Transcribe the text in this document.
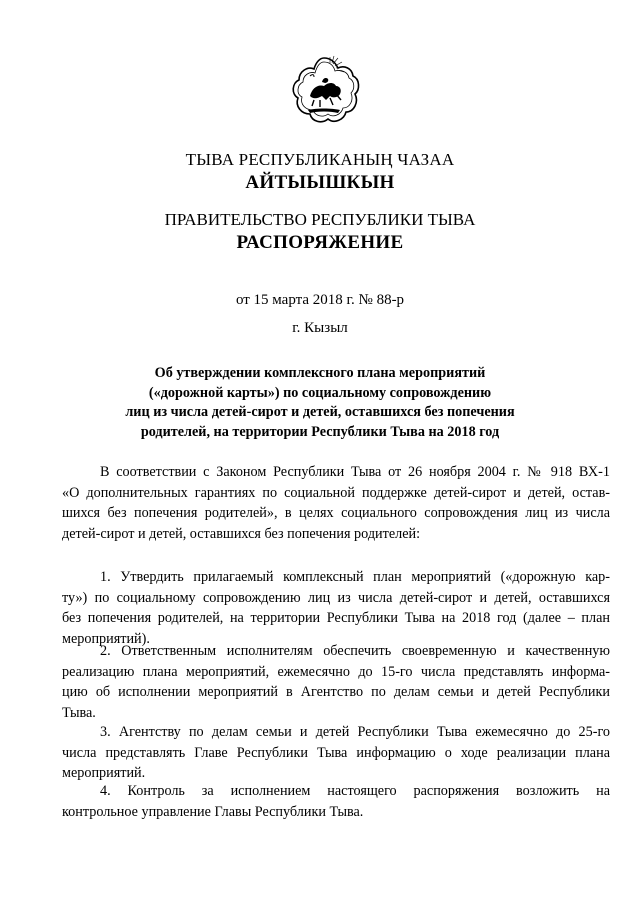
ТЫВА РЕСПУБЛИКАНЫҢ ЧАЗАА
АЙТЫЫШКЫН
ПРАВИТЕЛЬСТВО РЕСПУБЛИКИ ТЫВА
РАСПОРЯЖЕНИЕ
от 15 марта 2018 г. № 88-р
г. Кызыл
Об утверждении комплексного плана мероприятий
(«дорожной карты») по социальному сопровождению
лиц из числа детей-сирот и детей, оставшихся без попечения
родителей, на территории Республики Тыва на 2018 год
В соответствии с Законом Республики Тыва от 26 ноября 2004 г. № 918 ВХ-1
«О дополнительных гарантиях по социальной поддержке детей-сирот и детей, остав-
шихся без попечения родителей», в целях социального сопровождения лиц из числа
детей-сирот и детей, оставшихся без попечения родителей:
1. Утвердить прилагаемый комплексный план мероприятий («дорожную кар-
ту») по социальному сопровождению лиц из числа детей-сирот и детей, оставшихся
без попечения родителей, на территории Республики Тыва на 2018 год (далее – план
мероприятий).
2. Ответственным исполнителям обеспечить своевременную и качественную
реализацию плана мероприятий, ежемесячно до 15-го числа представлять информа-
цию об исполнении мероприятий в Агентство по делам семьи и детей Республики
Тыва.
3. Агентству по делам семьи и детей Республики Тыва ежемесячно до 25-го
числа представлять Главе Республики Тыва информацию о ходе реализации плана
мероприятий.
4. Контроль за исполнением настоящего распоряжения возложить на
контрольное управление Главы Республики Тыва.
